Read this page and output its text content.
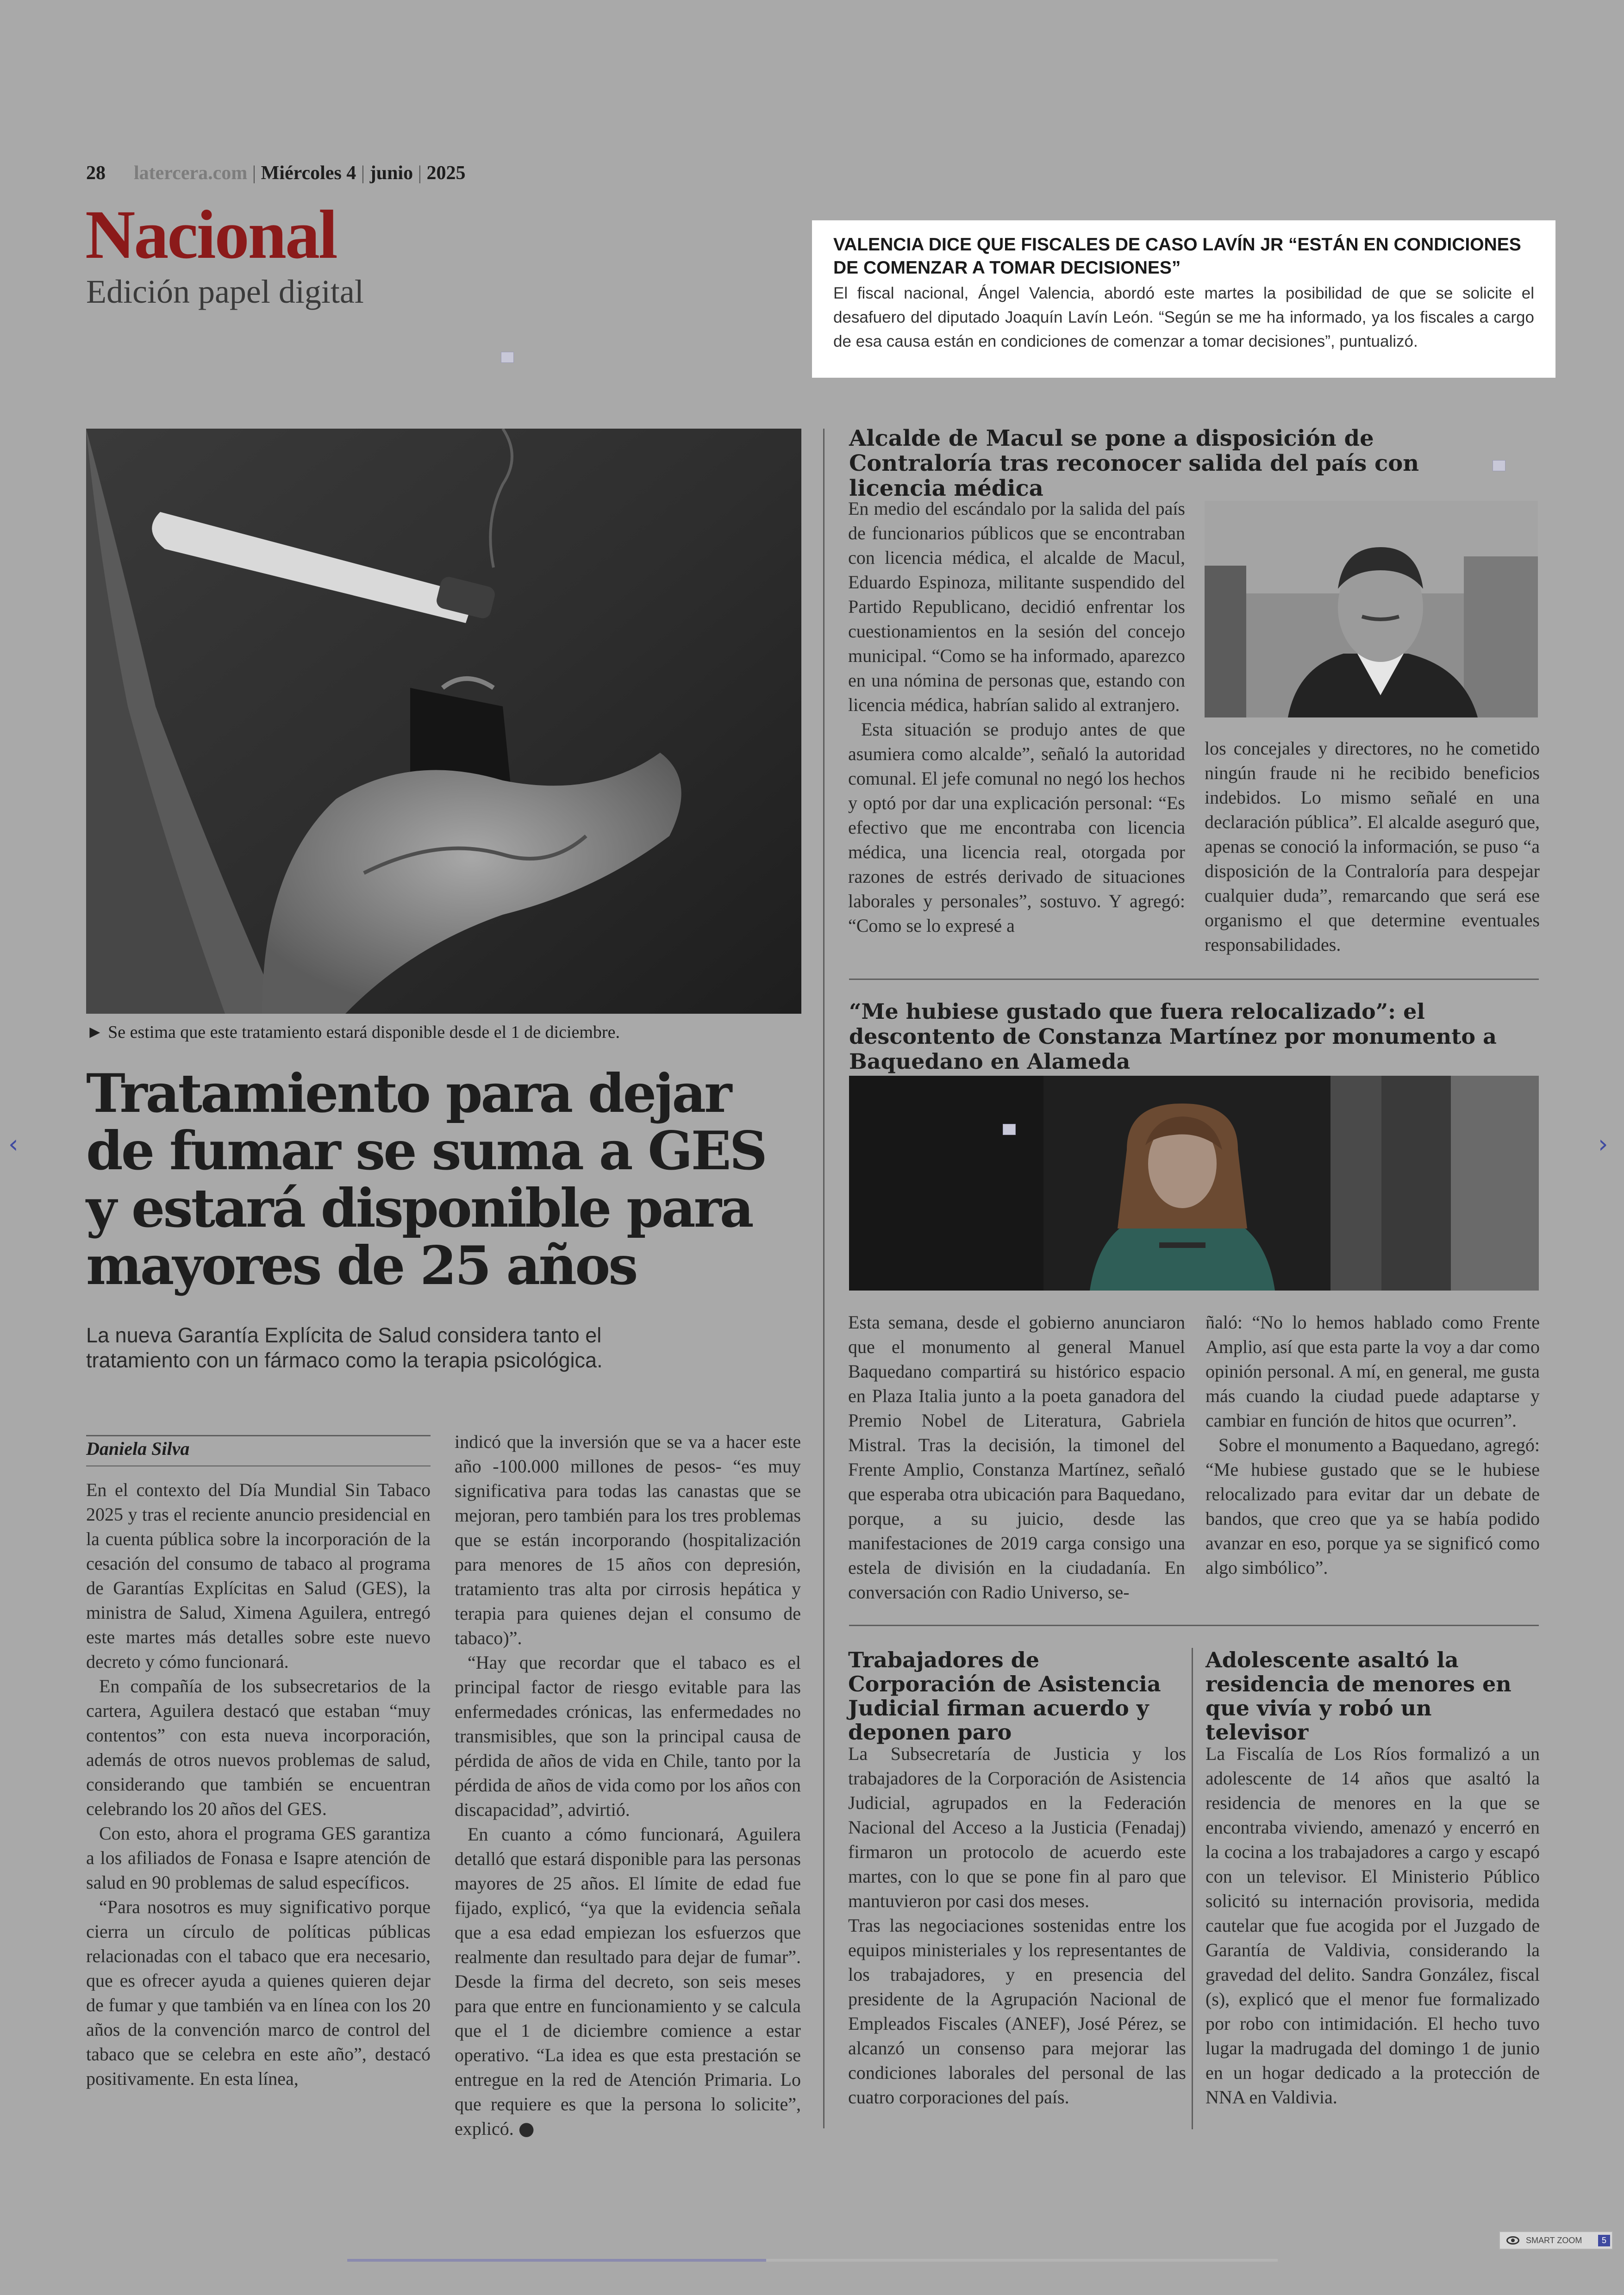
28 latercera.com | Miércoles 4 | junio | 2025
Nacional
Edición papel digital
VALENCIA DICE QUE FISCALES DE CASO LAVÍN JR “ESTÁN EN CONDICIONES DE COMENZAR A TOMAR DECISIONES”
El fiscal nacional, Ángel Valencia, abordó este martes la posibilidad de que se solicite el desafuero del diputado Joaquín Lavín León. “Según se me ha informado, ya los fiscales a cargo de esa causa están en condiciones de comenzar a tomar decisiones”, puntualizó.
► Se estima que este tratamiento estará disponible desde el 1 de diciembre.
Tratamiento para dejar de fumar se suma a GES y estará disponible para mayores de 25 años
La nueva Garantía Explícita de Salud considera tanto el tratamiento con un fármaco como la terapia psicológica.
Daniela Silva

En el contexto del Día Mundial Sin Tabaco 2025 y tras el reciente anuncio presidencial en la cuenta pública sobre la incorporación de la cesación del consumo de tabaco al programa de Garantías Explícitas en Salud (GES), la ministra de Salud, Ximena Aguilera, entregó este martes más detalles sobre este nuevo decreto y cómo funcionará.

En compañía de los subsecretarios de la cartera, Aguilera destacó que estaban “muy contentos” con esta nueva incorporación, además de otros nuevos problemas de salud, considerando que también se encuentran celebrando los 20 años del GES.

Con esto, ahora el programa GES garantiza a los afiliados de Fonasa e Isapre atención de salud en 90 problemas de salud específicos.

“Para nosotros es muy significativo porque cierra un círculo de políticas públicas relacionadas con el tabaco que era necesario, que es ofrecer ayuda a quienes quieren dejar de fumar y que también va en línea con los 20 años de la convención marco de control del tabaco que se celebra en este año”, destacó positivamente. En esta línea,

indicó que la inversión que se va a hacer este año -100.000 millones de pesos- “es muy significativa para todas las canastas que se mejoran, pero también para los tres problemas que se están incorporando (hospitalización para menores de 15 años con depresión, tratamiento tras alta por cirrosis hepática y terapia para quienes dejan el consumo de tabaco)”.

“Hay que recordar que el tabaco es el principal factor de riesgo evitable para las enfermedades crónicas, las enfermedades no transmisibles, que son la principal causa de pérdida de años de vida en Chile, tanto por la pérdida de años de vida como por los años con discapacidad”, advirtió.

En cuanto a cómo funcionará, Aguilera detalló que estará disponible para las personas mayores de 25 años. El límite de edad fue fijado, explicó, “ya que la evidencia señala que a esa edad empiezan los esfuerzos que realmente dan resultado para dejar de fumar”. Desde la firma del decreto, son seis meses para que entre en funcionamiento y se calcula que el 1 de diciembre comience a estar operativo. “La idea es que esta prestación se entregue en la red de Atención Primaria. Lo que requiere es que la persona lo solicite”, explicó. ●

Alcalde de Macul se pone a disposición de Contraloría tras reconocer salida del país con licencia médica

En medio del escándalo por la salida del país de funcionarios públicos que se encontraban con licencia médica, el alcalde de Macul, Eduardo Espinoza, militante suspendido del Partido Republicano, decidió enfrentar los cuestionamientos en la sesión del concejo municipal. “Como se ha informado, aparezco en una nómina de personas que, estando con licencia médica, habrían salido al extranjero.

Esta situación se produjo antes de que asumiera como alcalde”, señaló la autoridad comunal. El jefe comunal no negó los hechos y optó por dar una explicación personal: “Es efectivo que me encontraba con licencia médica, una licencia real, otorgada por razones de estrés derivado de situaciones laborales y personales”, sostuvo. Y agregó: “Como se lo expresé a

los concejales y directores, no he cometido ningún fraude ni he recibido beneficios indebidos. Lo mismo señalé en una declaración pública”. El alcalde aseguró que, apenas se conoció la información, se puso “a disposición de la Contraloría para despejar cualquier duda”, remarcando que será ese organismo el que determine eventuales responsabilidades.

“Me hubiese gustado que fuera relocalizado”: el descontento de Constanza Martínez por monumento a Baquedano en Alameda

Esta semana, desde el gobierno anunciaron que el monumento al general Manuel Baquedano compartirá su histórico espacio en Plaza Italia junto a la poeta ganadora del Premio Nobel de Literatura, Gabriela Mistral. Tras la decisión, la timonel del Frente Amplio, Constanza Martínez, señaló que esperaba otra ubicación para Baquedano, porque, a su juicio, desde las manifestaciones de 2019 carga consigo una estela de división en la ciudadanía. En conversación con Radio Universo, se-

ñaló: “No lo hemos hablado como Frente Amplio, así que esta parte la voy a dar como opinión personal. A mí, en general, me gusta más cuando la ciudad puede adaptarse y cambiar en función de hitos que ocurren”.

Sobre el monumento a Baquedano, agregó: “Me hubiese gustado que se le hubiese relocalizado para evitar dar un debate de bandos, que creo que ya se había podido avanzar en eso, porque ya se significó como algo simbólico”.

Trabajadores de Corporación de Asistencia Judicial firman acuerdo y deponen paro

La Subsecretaría de Justicia y los trabajadores de la Corporación de Asistencia Judicial, agrupados en la Federación Nacional del Acceso a la Justicia (Fenadaj) firmaron un protocolo de acuerdo este martes, con lo que se pone fin al paro que mantuvieron por casi dos meses.

Tras las negociaciones sostenidas entre los equipos ministeriales y los representantes de los trabajadores, y en presencia del presidente de la Agrupación Nacional de Empleados Fiscales (ANEF), José Pérez, se alcanzó un consenso para mejorar las condiciones laborales del personal de las cuatro corporaciones del país.

Adolescente asaltó la residencia de menores en que vivía y robó un televisor

La Fiscalía de Los Ríos formalizó a un adolescente de 14 años que asaltó la residencia de menores en la que se encontraba viviendo, amenazó y encerró en la cocina a los trabajadores a cargo y escapó con un televisor. El Ministerio Público solicitó su internación provisoria, medida cautelar que fue acogida por el Juzgado de Garantía de Valdivia, considerando la gravedad del delito. Sandra González, fiscal (s), explicó que el menor fue formalizado por robo con intimidación. El hecho tuvo lugar la madrugada del domingo 1 de junio en un hogar dedicado a la protección de NNA en Valdivia.

‹	›
SMART ZOOM	5
